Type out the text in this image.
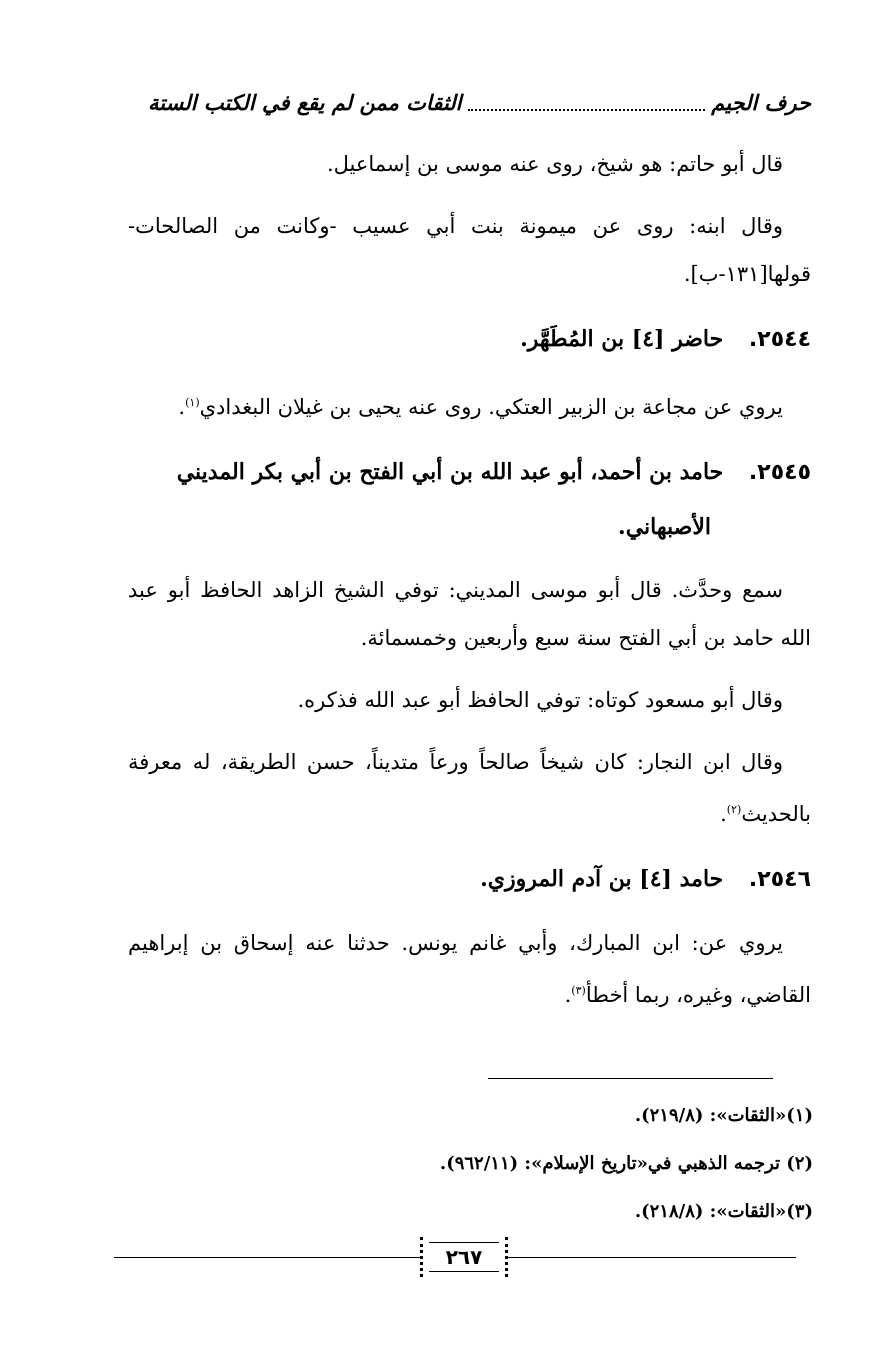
حرف الجيم
الثقات ممن لم يقع في الكتب الستة

قال أبو حاتم: هو شيخ، روى عنه موسى بن إسماعيل.

وقال ابنه: روى عن ميمونة بنت أبي عسيب -وكانت من الصالحات- قولها[١٣١-ب].

٢٥٤٤. حاضر [٤] بن المُطَهَّر.

يروي عن مجاعة بن الزبير العتكي. روى عنه يحيى بن غيلان البغدادي$^{(١)}$.

٢٥٤٥. حامد بن أحمد، أبو عبد الله بن أبي الفتح بن أبي بكر المديني
الأصبهاني.

سمع وحدَّث. قال أبو موسى المديني: توفي الشيخ الزاهد الحافظ أبو عبد الله حامد بن أبي الفتح سنة سبع وأربعين وخمسمائة.

وقال أبو مسعود كوتاه: توفي الحافظ أبو عبد الله فذكره.

وقال ابن النجار: كان شيخاً صالحاً ورعاً متديناً، حسن الطريقة، له معرفة بالحديث$^{(٢)}$.

٢٥٤٦. حامد [٤] بن آدم المروزي.

يروي عن: ابن المبارك، وأبي غانم يونس. حدثنا عنه إسحاق بن إبراهيم القاضي، وغيره، ربما أخطأ$^{(٣)}$.

(١)«الثقات»: (٢١٩/٨).

(٢) ترجمه الذهبي في«تاريخ الإسلام»: (٩٦٢/١١).

(٣)«الثقات»: (٢١٨/٨).

٢٦٧
